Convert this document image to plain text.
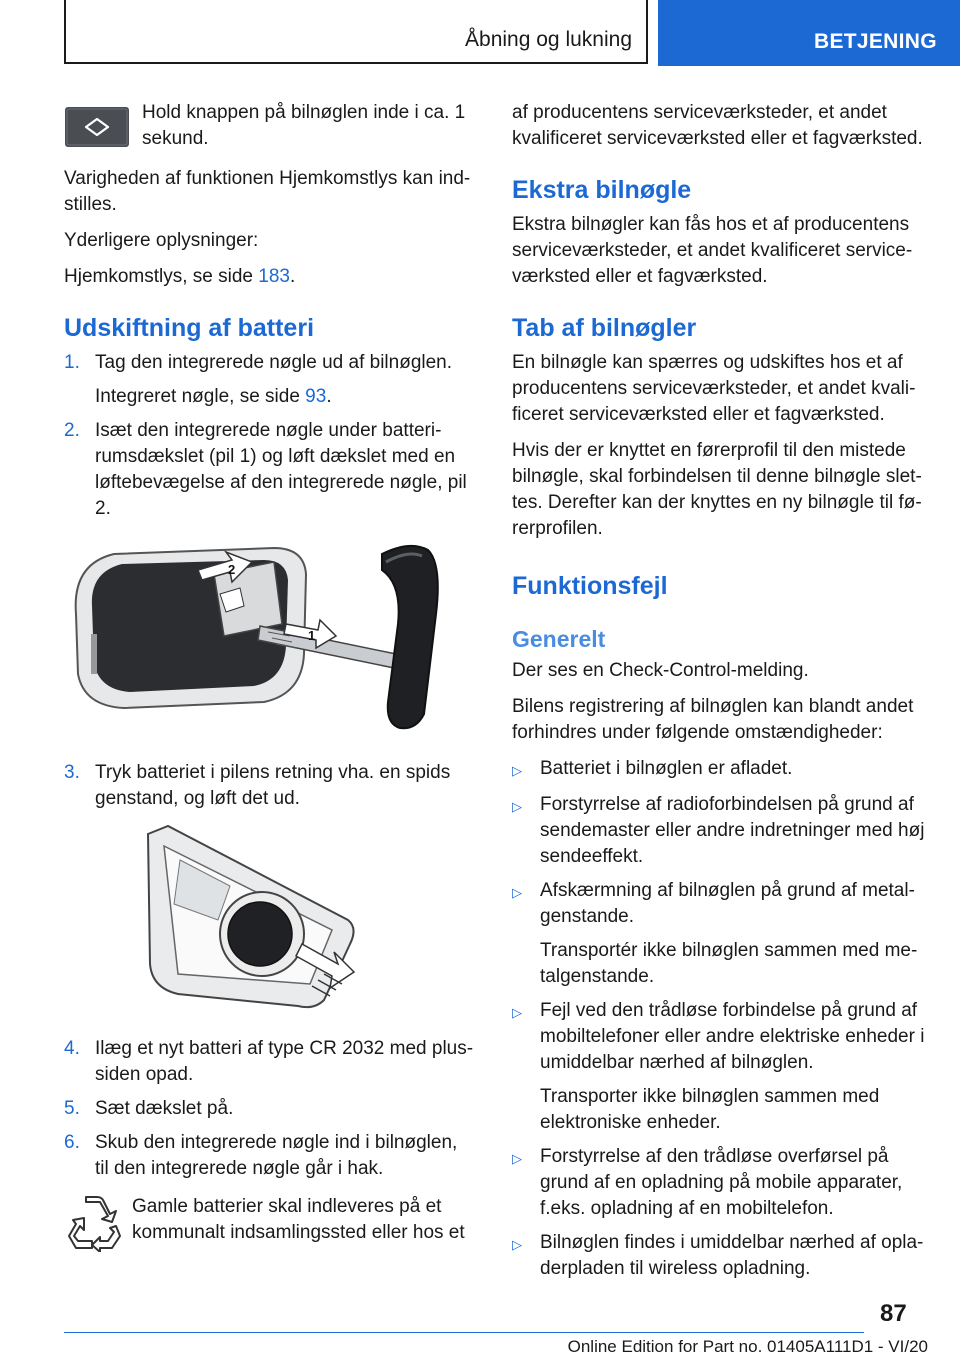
Åbning og lukning	BETJENING
Hold knappen på bilnøglen inde i ca. 1 sekund.

Varigheden af funktionen Hjemkomstlys kan ind-stilles.

Yderligere oplysninger:

Hjemkomstlys, se side 183.

Udskiftning af batteri
1. Tag den integrerede nøgle ud af bilnøglen.
Integreret nøgle, se side 93.
2. Isæt den integrerede nøgle under batteri-rumsdækslet (pil 1) og løft dækslet med en løftebevægelse af den integrerede nøgle, pil 2.
2
1
3. Tryk batteriet i pilens retning vha. en spids genstand, og løft det ud.
4. Ilæg et nyt batteri af type CR 2032 med plus-siden opad.
5. Sæt dækslet på.
6. Skub den integrerede nøgle ind i bilnøglen, til den integrerede nøgle går i hak.
Gamle batterier skal indleveres på et kommunalt indsamlingssted eller hos et

af producentens serviceværksteder, et andet kvalificeret serviceværksted eller et fagværksted.

Ekstra bilnøgle

Ekstra bilnøgler kan fås hos et af producentens serviceværksteder, et andet kvalificeret service-værksted eller et fagværksted.

Tab af bilnøgler

En bilnøgle kan spærres og udskiftes hos et af producentens serviceværksteder, et andet kvali-ficeret serviceværksted eller et fagværksted.

Hvis der er knyttet en førerprofil til den mistede bilnøgle, skal forbindelsen til denne bilnøgle slet-tes. Derefter kan der knyttes en ny bilnøgle til fø-rerprofilen.

Funktionsfejl
Generelt

Der ses en Check-Control-melding.

Bilens registrering af bilnøglen kan blandt andet forhindres under følgende omstændigheder:

▷ Batteriet i bilnøglen er afladet.
▷ Forstyrrelse af radioforbindelsen på grund af sendemaster eller andre indretninger med høj sendeeffekt.
▷ Afskærmning af bilnøglen på grund af metal-genstande.
Transportér ikke bilnøglen sammen med me-talgenstande.
▷ Fejl ved den trådløse forbindelse på grund af mobiltelefoner eller andre elektriske enheder i umiddelbar nærhed af bilnøglen.
Transporter ikke bilnøglen sammen med elektroniske enheder.
▷ Forstyrrelse af den trådløse overførsel på grund af en opladning på mobile apparater, f.eks. opladning af en mobiltelefon.
▷ Bilnøglen findes i umiddelbar nærhed af opla-derpladen til wireless opladning.
87
Online Edition for Part no. 01405A111D1 - VI/20
